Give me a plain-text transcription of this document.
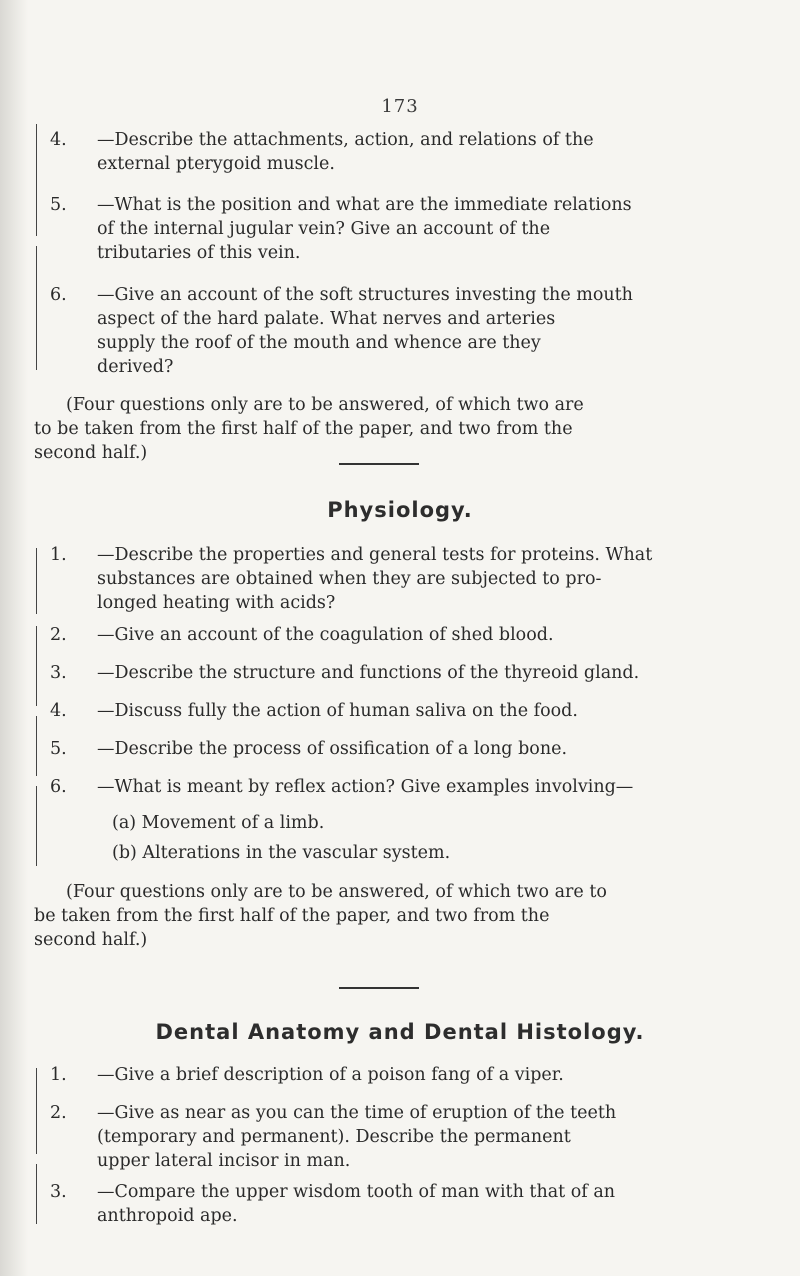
173
4. —Describe the attachments, action, and relations of the
external pterygoid muscle.
5. —What is the position and what are the immediate relations
of the internal jugular vein? Give an account of the
tributaries of this vein.
6. —Give an account of the soft structures investing the mouth
aspect of the hard palate. What nerves and arteries
supply the roof of the mouth and whence are they
derived?
(Four questions only are to be answered, of which two are
to be taken from the first half of the paper, and two from the
second half.)
Physiology.
1. —Describe the properties and general tests for proteins. What
substances are obtained when they are subjected to pro-
longed heating with acids?
2. —Give an account of the coagulation of shed blood.
3. —Describe the structure and functions of the thyreoid gland.
4. —Discuss fully the action of human saliva on the food.
5. —Describe the process of ossification of a long bone.
6. —What is meant by reflex action? Give examples involving—
(a) Movement of a limb.
(b) Alterations in the vascular system.
(Four questions only are to be answered, of which two are to
be taken from the first half of the paper, and two from the
second half.)
Dental Anatomy and Dental Histology.
1. —Give a brief description of a poison fang of a viper.
2. —Give as near as you can the time of eruption of the teeth
(temporary and permanent). Describe the permanent
upper lateral incisor in man.
3. —Compare the upper wisdom tooth of man with that of an
anthropoid ape.
